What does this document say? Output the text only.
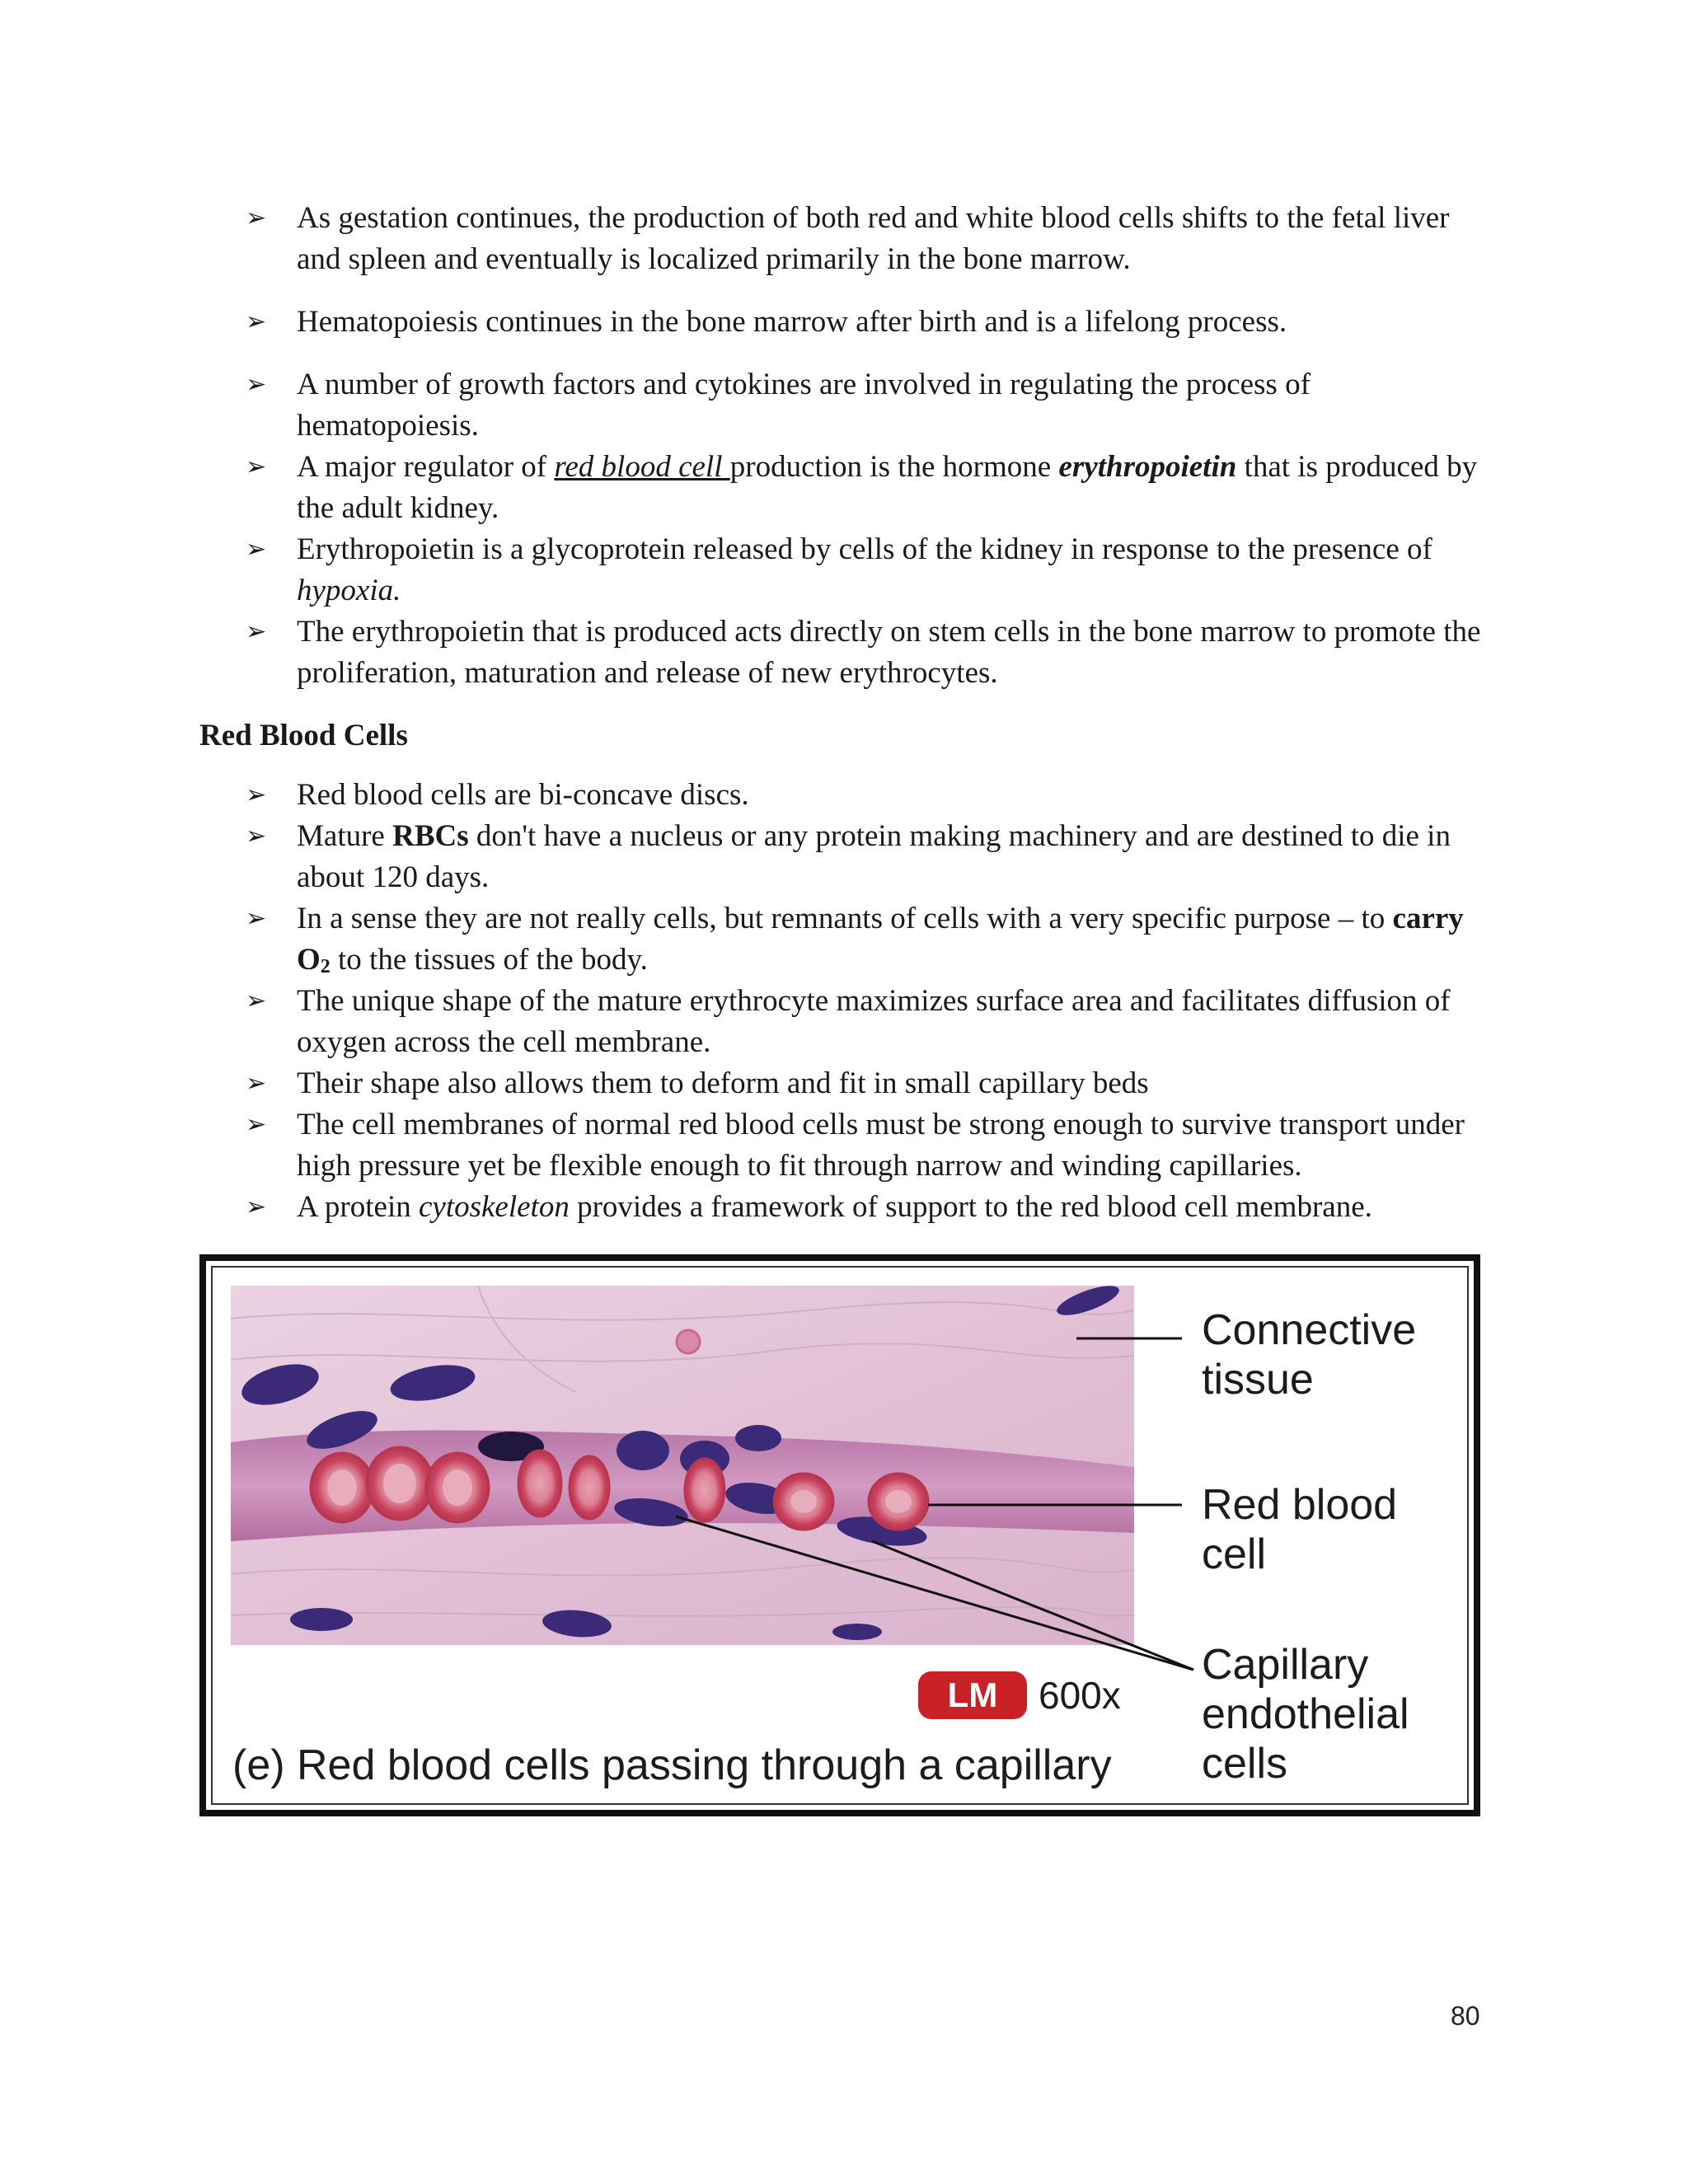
➢ As gestation continues, the production of both red and white blood cells shifts to the fetal liver and spleen and eventually is localized primarily in the bone marrow.
➢ Hematopoiesis continues in the bone marrow after birth and is a lifelong process.
➢ A number of growth factors and cytokines are involved in regulating the process of hematopoiesis.
➢ A major regulator of red blood cell production is the hormone erythropoietin that is produced by the adult kidney.
➢ Erythropoietin is a glycoprotein released by cells of the kidney in response to the presence of hypoxia.
➢ The erythropoietin that is produced acts directly on stem cells in the bone marrow to promote the proliferation, maturation and release of new erythrocytes.
Red Blood Cells
➢ Red blood cells are bi-concave discs.
➢ Mature RBCs don't have a nucleus or any protein making machinery and are destined to die in about 120 days.
➢ In a sense they are not really cells, but remnants of cells with a very specific purpose – to carry $O_2$ to the tissues of the body.
➢ The unique shape of the mature erythrocyte maximizes surface area and facilitates diffusion of oxygen across the cell membrane.
➢ Their shape also allows them to deform and fit in small capillary beds
➢ The cell membranes of normal red blood cells must be strong enough to survive transport under high pressure yet be flexible enough to fit through narrow and winding capillaries.
➢ A protein cytoskeleton provides a framework of support to the red blood cell membrane.
Connective
tissue
Red blood
cell
Capillary
endothelial
cells
LM	600x
(e) Red blood cells passing through a capillary
80
